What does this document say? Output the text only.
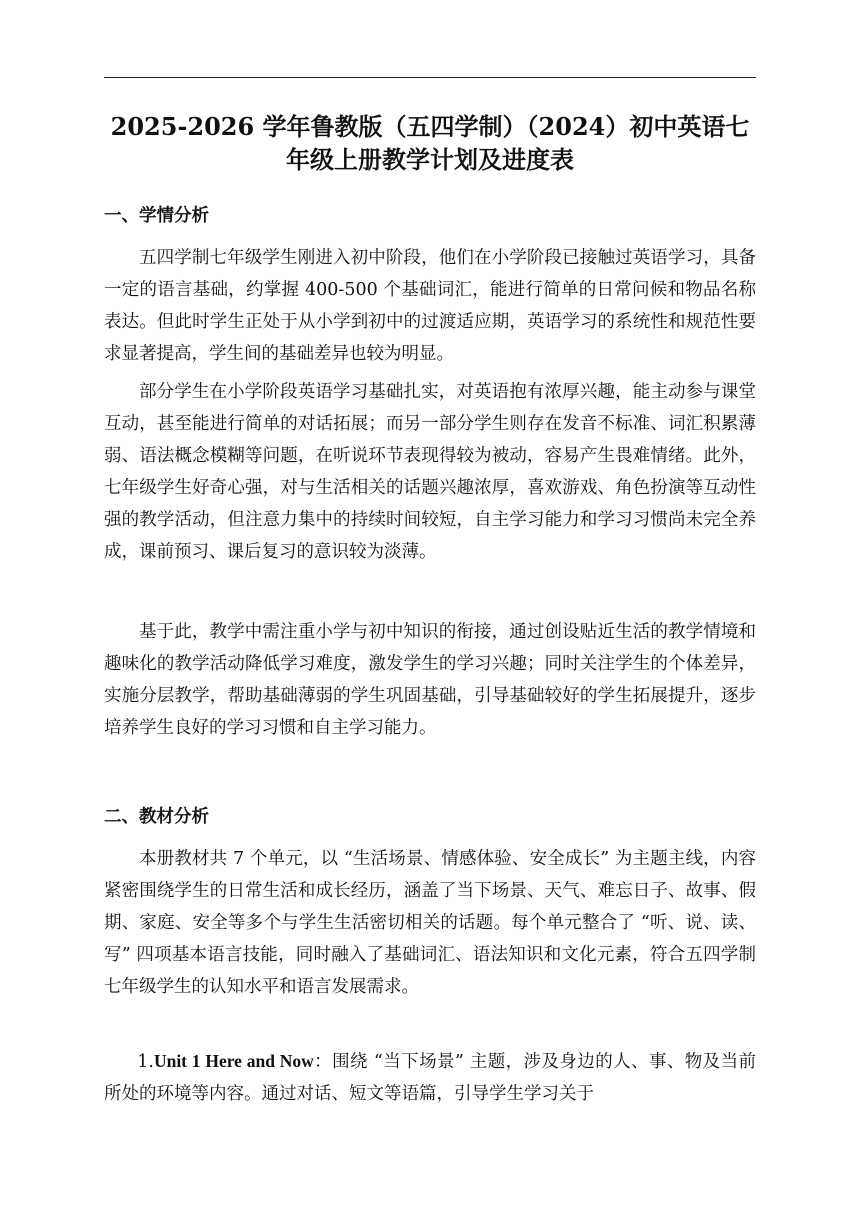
2025-2026 学年鲁教版（五四学制）（2024）初中英语七年级上册教学计划及进度表
一、学情分析

五四学制七年级学生刚进入初中阶段，他们在小学阶段已接触过英语学习，具备一定的语言基础，约掌握 400-500 个基础词汇，能进行简单的日常问候和物品名称表达。但此时学生正处于从小学到初中的过渡适应期，英语学习的系统性和规范性要求显著提高，学生间的基础差异也较为明显。

部分学生在小学阶段英语学习基础扎实，对英语抱有浓厚兴趣，能主动参与课堂互动，甚至能进行简单的对话拓展；而另一部分学生则存在发音不标准、词汇积累薄弱、语法概念模糊等问题，在听说环节表现得较为被动，容易产生畏难情绪。此外，七年级学生好奇心强，对与生活相关的话题兴趣浓厚，喜欢游戏、角色扮演等互动性强的教学活动，但注意力集中的持续时间较短，自主学习能力和学习习惯尚未完全养成，课前预习、课后复习的意识较为淡薄。

基于此，教学中需注重小学与初中知识的衔接，通过创设贴近生活的教学情境和趣味化的教学活动降低学习难度，激发学生的学习兴趣；同时关注学生的个体差异，实施分层教学，帮助基础薄弱的学生巩固基础，引导基础较好的学生拓展提升，逐步培养学生良好的学习习惯和自主学习能力。

二、教材分析

本册教材共 7 个单元，以 “生活场景、情感体验、安全成长” 为主题主线，内容紧密围绕学生的日常生活和成长经历，涵盖了当下场景、天气、难忘日子、故事、假期、家庭、安全等多个与学生生活密切相关的话题。每个单元整合了 “听、说、读、写” 四项基本语言技能，同时融入了基础词汇、语法知识和文化元素，符合五四学制七年级学生的认知水平和语言发展需求。

1.Unit 1 Here and Now：围绕 “当下场景” 主题，涉及身边的人、事、物及当前所处的环境等内容。通过对话、短文等语篇，引导学生学习关于
